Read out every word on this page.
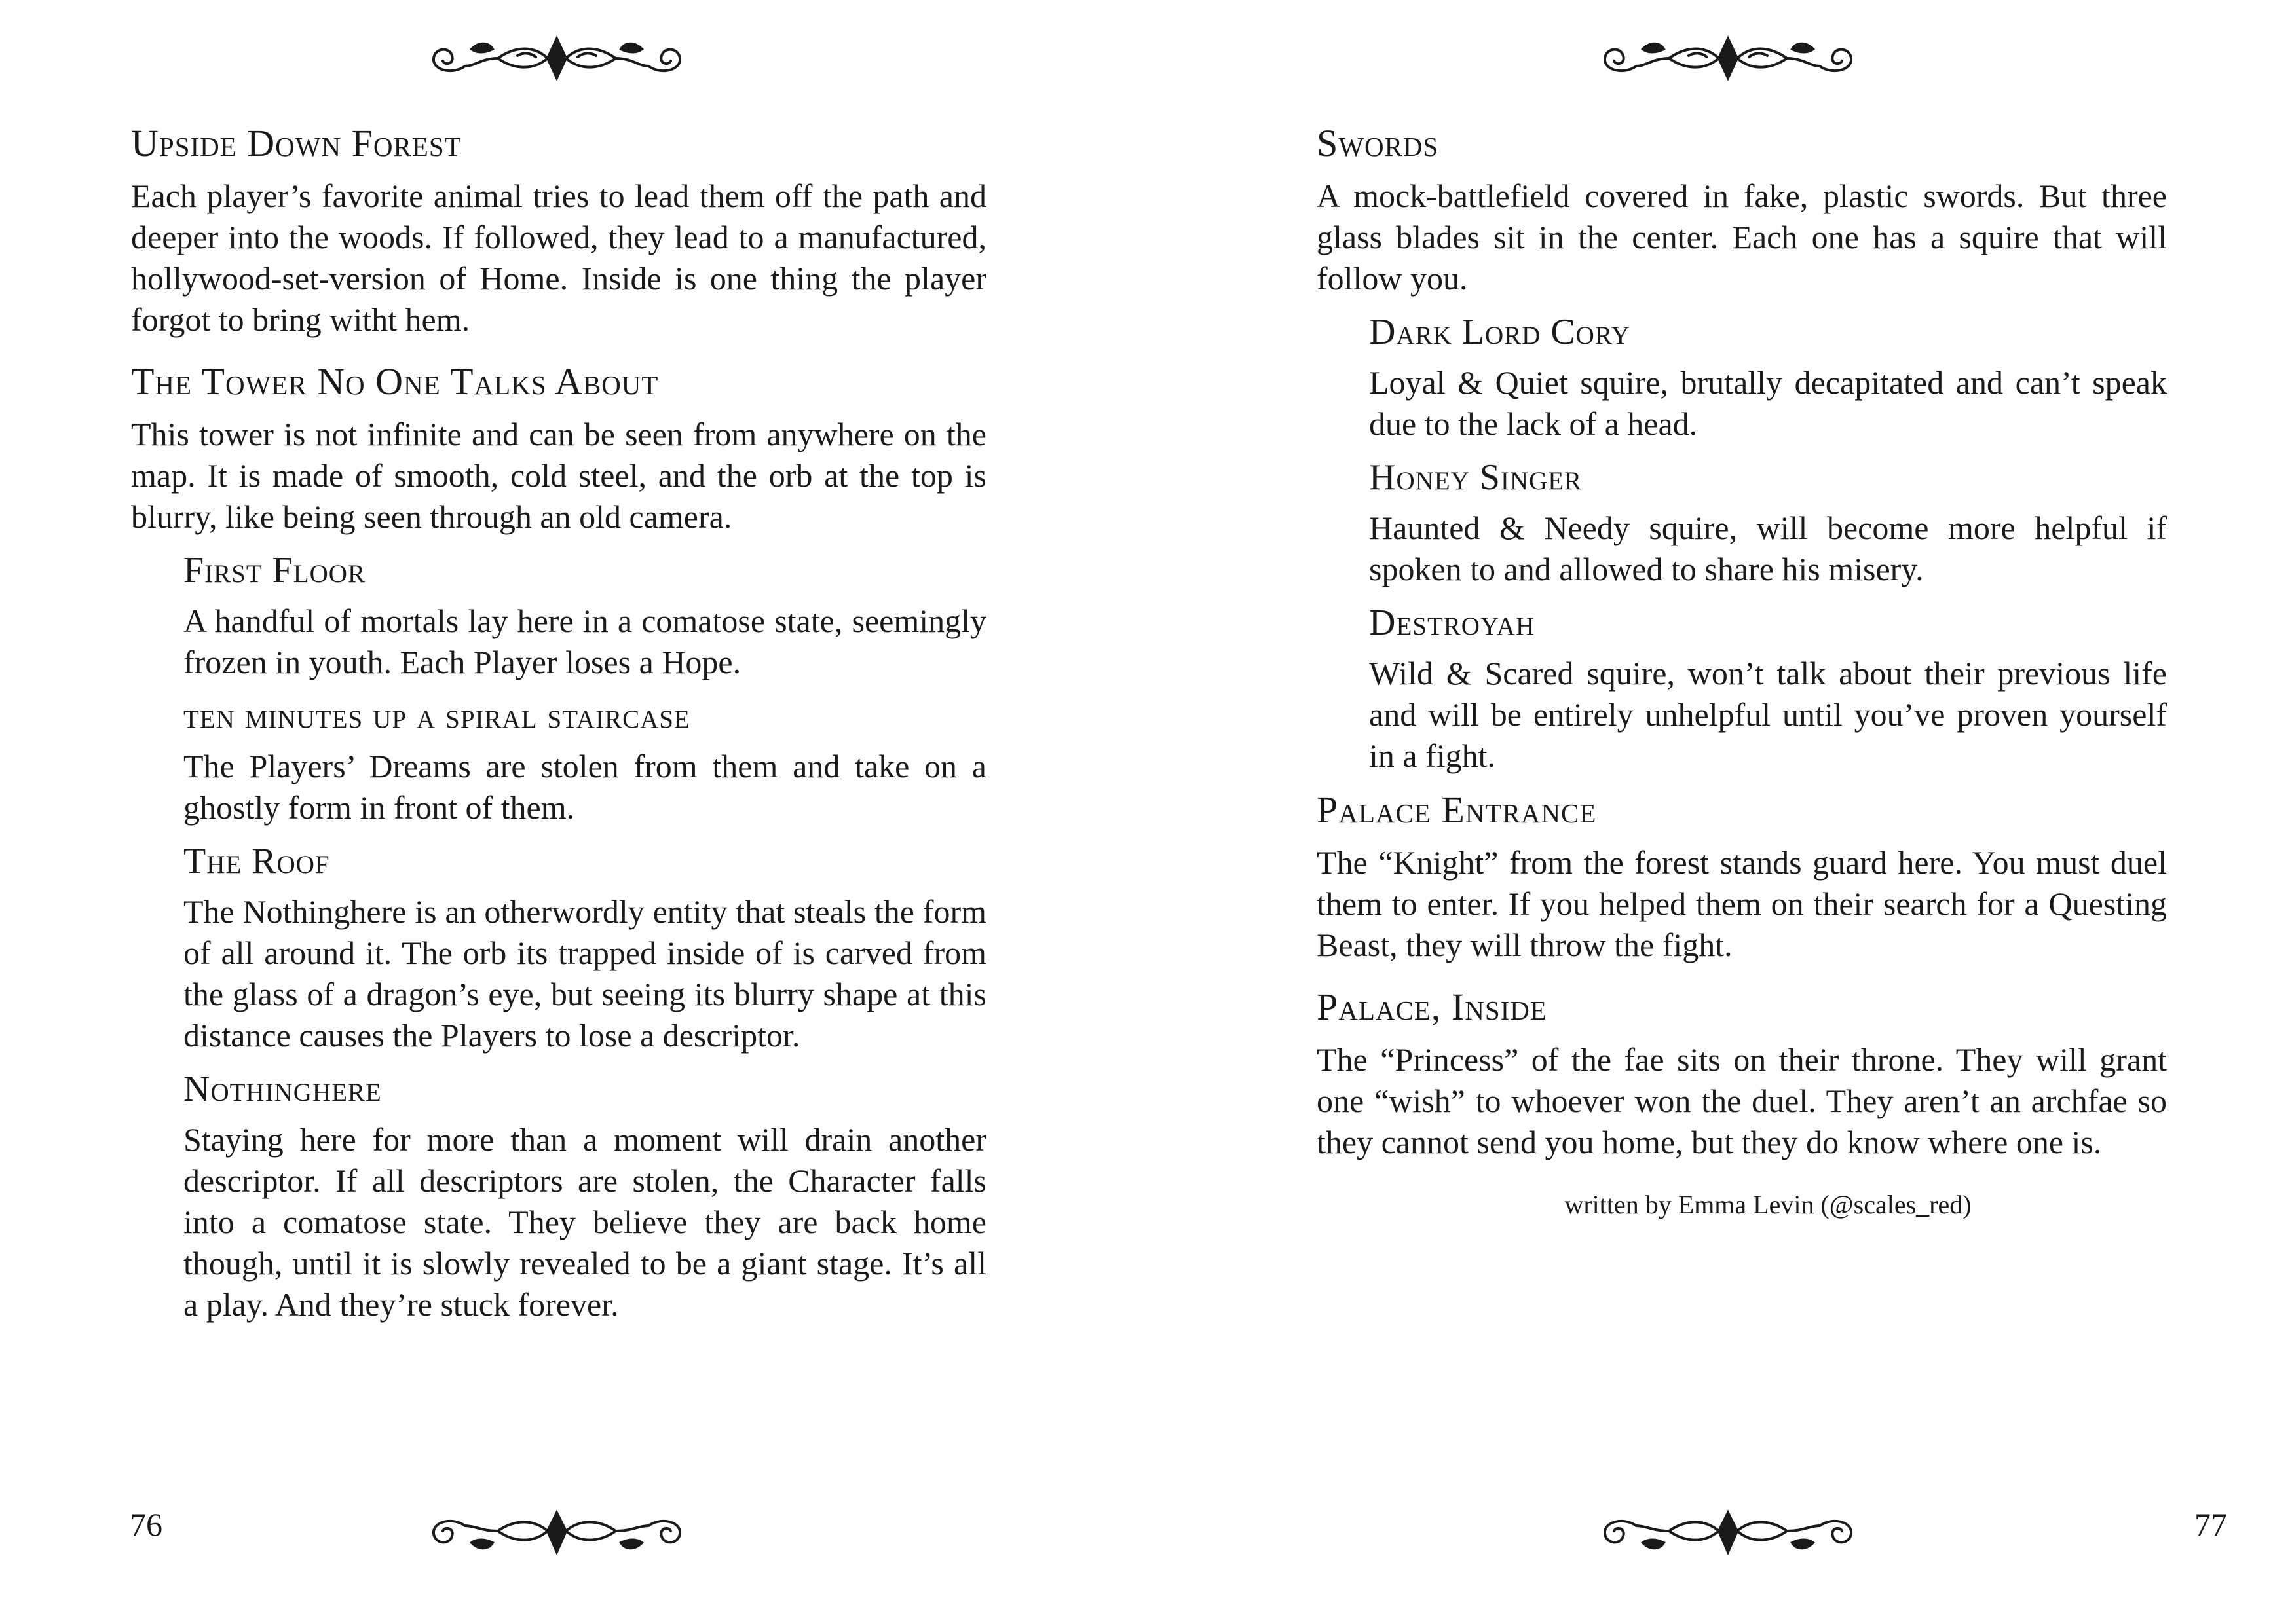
Upside Down Forest

Each player’s favorite animal tries to lead them off the path and deeper into the woods. If followed, they lead to a manufactured, hollywood-set-version of Home. Inside is one thing the player forgot to bring witht hem.

The Tower No One Talks About

This tower is not infinite and can be seen from anywhere on the map. It is made of smooth, cold steel, and the orb at the top is blurry, like being seen through an old camera.

First Floor

A handful of mortals lay here in a comatose state, seemingly frozen in youth. Each Player loses a Hope.

ten minutes up a spiral staircase

The Players’ Dreams are stolen from them and take on a ghostly form in front of them.

The Roof

The Nothinghere is an otherwordly entity that steals the form of all around it. The orb its trapped inside of is carved from the glass of a dragon’s eye, but seeing its blurry shape at this distance causes the Players to lose a descriptor.

Nothinghere

Staying here for more than a moment will drain another descriptor. If all descriptors are stolen, the Character falls into a comatose state. They believe they are back home though, until it is slowly revealed to be a giant stage. It’s all a play. And they’re stuck forever.

76
Swords

A mock-battlefield covered in fake, plastic swords. But three glass blades sit in the center. Each one has a squire that will follow you.

Dark Lord Cory

Loyal & Quiet squire, brutally decapitated and can’t speak due to the lack of a head.

Honey Singer

Haunted & Needy squire, will become more helpful if spoken to and allowed to share his misery.

Destroyah

Wild & Scared squire, won’t talk about their previous life and will be entirely unhelpful until you’ve proven yourself in a fight.

Palace Entrance

The “Knight” from the forest stands guard here. You must duel them to enter. If you helped them on their search for a Questing Beast, they will throw the fight.

Palace, Inside

The “Princess” of the fae sits on their throne. They will grant one “wish” to whoever won the duel. They aren’t an archfae so they cannot send you home, but they do know where one is.

written by Emma Levin (@scales_red)
77
